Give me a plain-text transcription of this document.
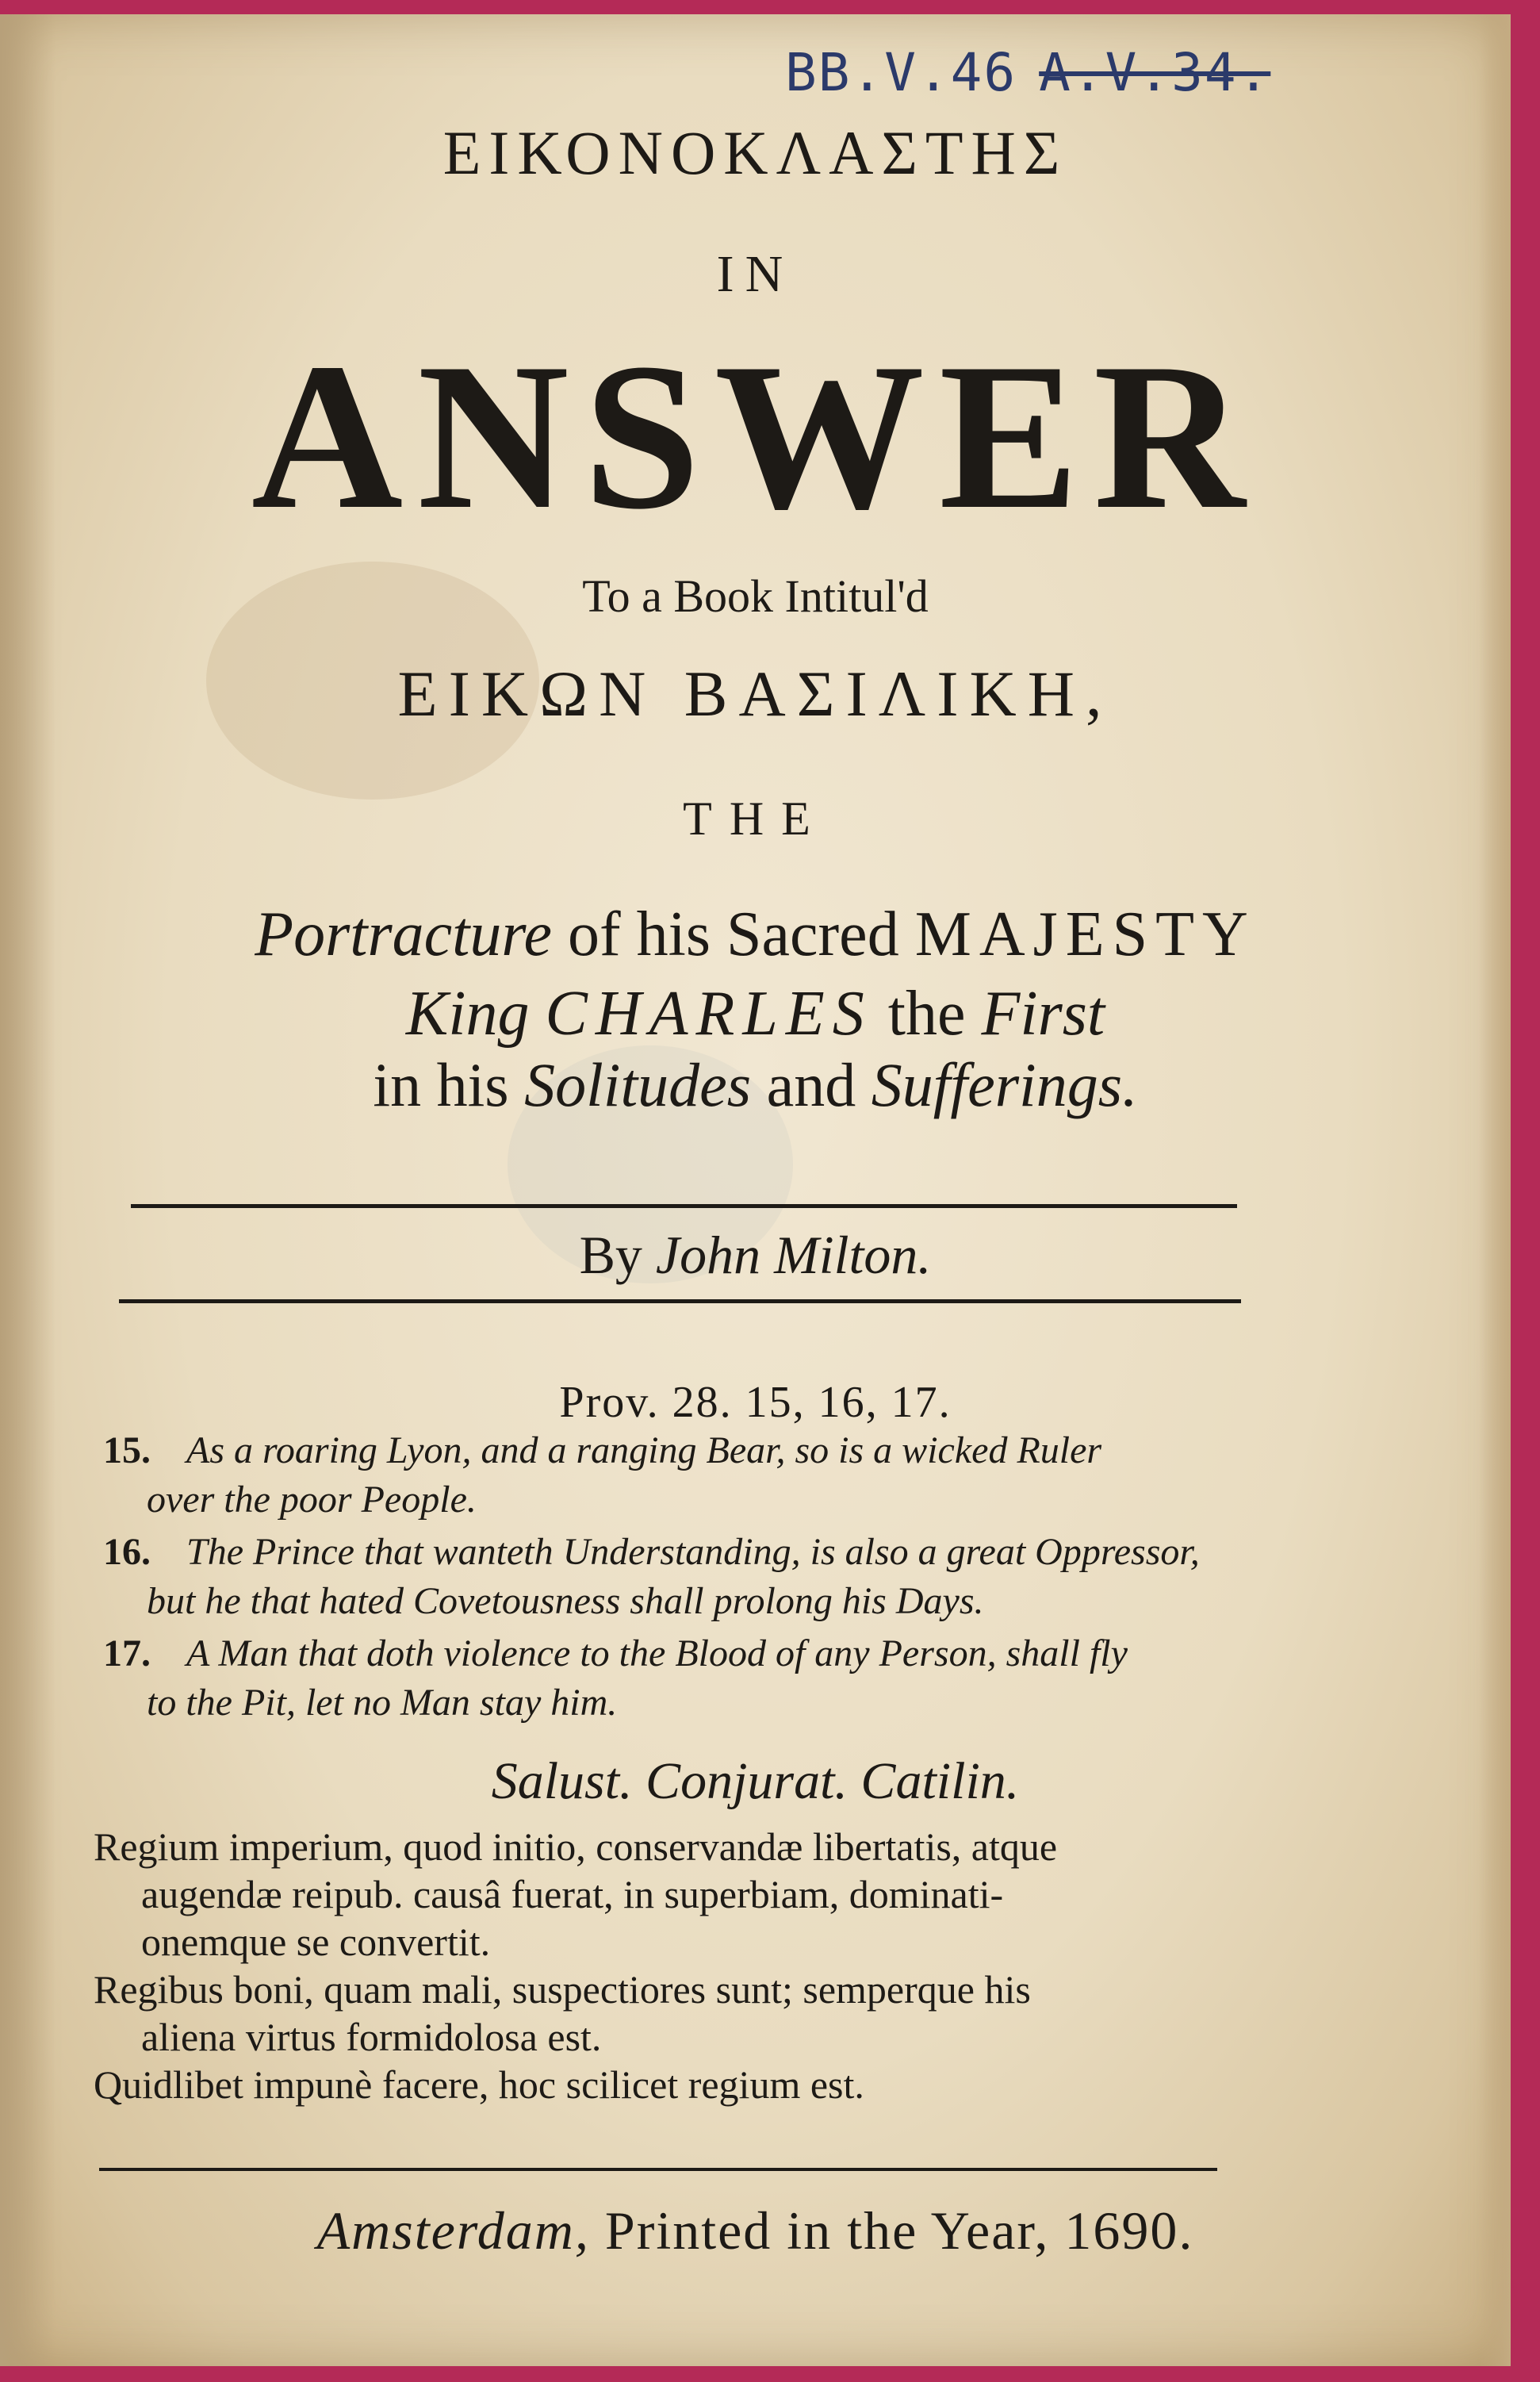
BB.V.46 A.V.34.
ΕΙΚΟΝΟΚΛΑΣΤΗΣ
IN
ANSWER
To a Book Intitul'd
ΕΙΚΩΝ ΒΑΣΙΛΙΚΗ,
THE
Portracture of his Sacred MAJESTY
King CHARLES the First
in his Solitudes and Sufferings.
By John Milton.
Prov. 28. 15, 16, 17.
15. As a roaring Lyon, and a ranging Bear, so is a wicked Ruler
over the poor People.
16. The Prince that wanteth Understanding, is also a great Oppressor,
but he that hated Covetousness shall prolong his Days.
17. A Man that doth violence to the Blood of any Person, shall fly
to the Pit, let no Man stay him.
Salust. Conjurat. Catilin.
Regium imperium, quod initio, conservandæ libertatis, atque
augendæ reipub. causâ fuerat, in superbiam, dominati-
onemque se convertit.
Regibus boni, quam mali, suspectiores sunt; semperque his
aliena virtus formidolosa est.
Quidlibet impunè facere, hoc scilicet regium est.
Amsterdam, Printed in the Year, 1690.
